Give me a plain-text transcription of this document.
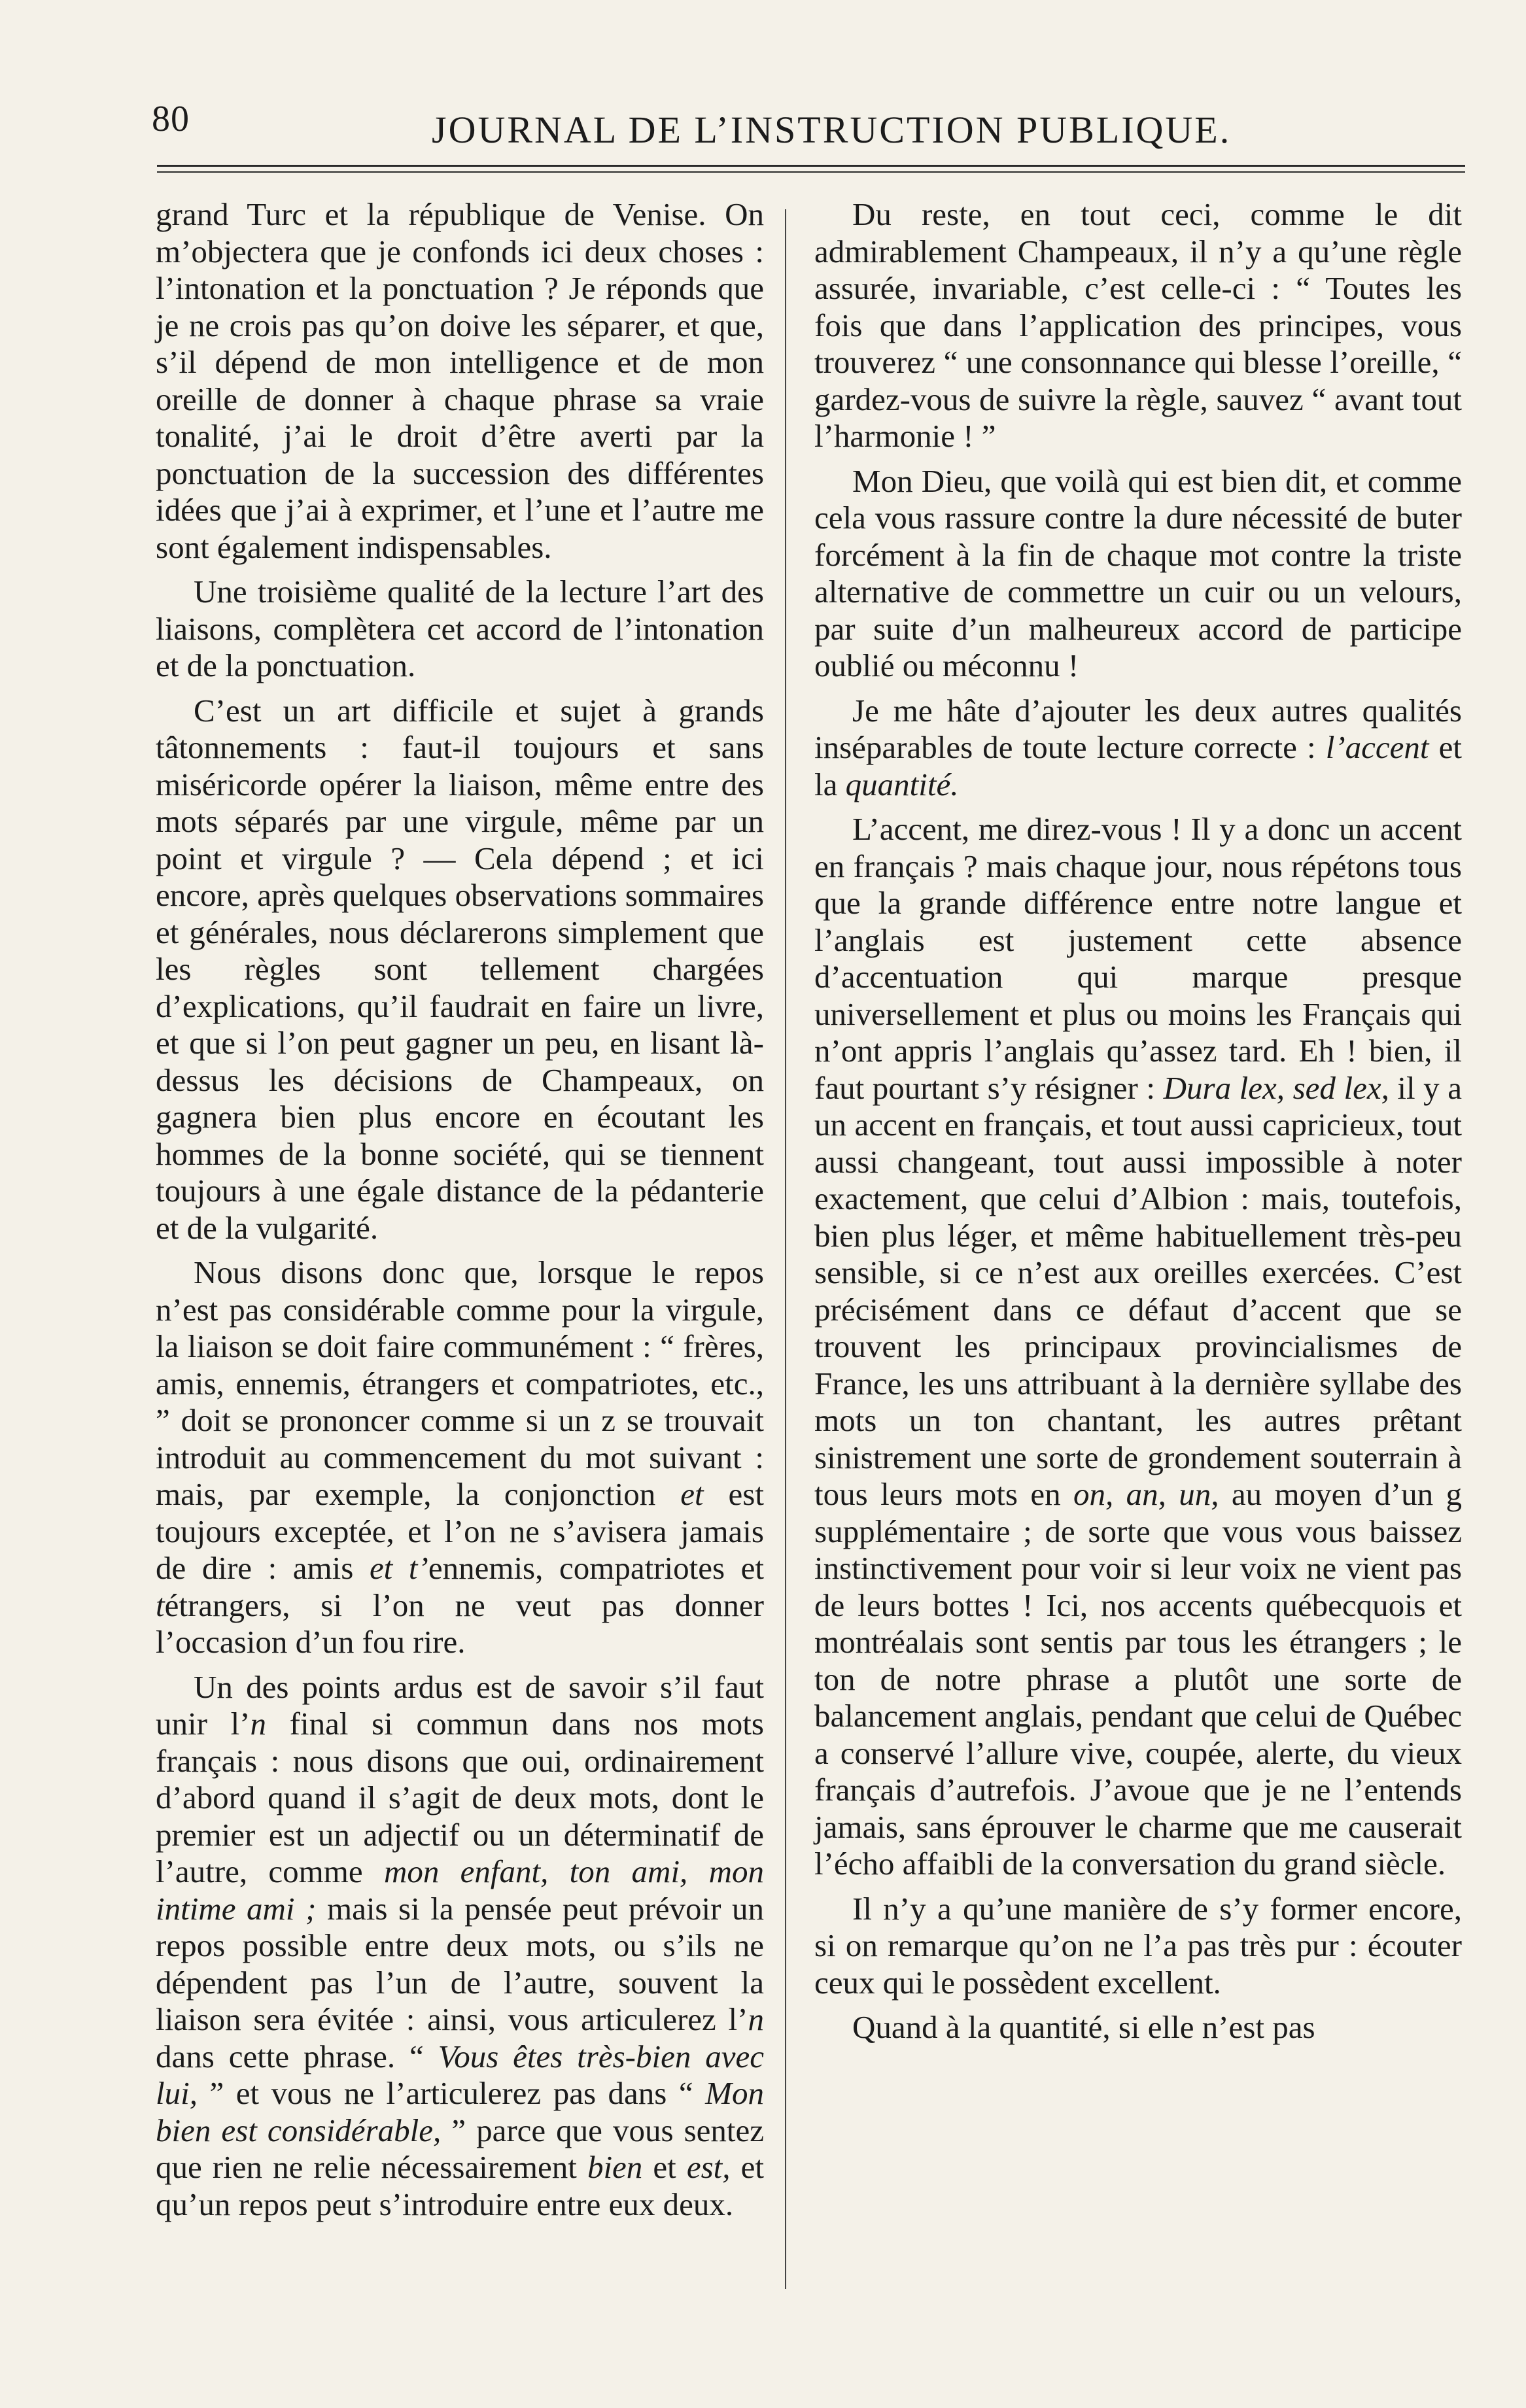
80	JOURNAL DE L’INSTRUCTION PUBLIQUE.

grand Turc et la république de Venise. On m’objectera que je confonds ici deux choses : l’intonation et la ponctuation ? Je réponds que je ne crois pas qu’on doive les séparer, et que, s’il dépend de mon intelligence et de mon oreille de donner à chaque phrase sa vraie tonalité, j’ai le droit d’être averti par la ponctuation de la succession des différentes idées que j’ai à exprimer, et l’une et l’autre me sont également indispensables.

Une troisième qualité de la lecture l’art des liaisons, complètera cet accord de l’intonation et de la ponctuation.

C’est un art difficile et sujet à grands tâtonnements : faut-il toujours et sans miséricorde opérer la liaison, même entre des mots séparés par une virgule, même par un point et virgule ? — Cela dépend ; et ici encore, après quelques observations sommaires et générales, nous déclarerons simplement que les règles sont tellement chargées d’explications, qu’il faudrait en faire un livre, et que si l’on peut gagner un peu, en lisant là-dessus les décisions de Champeaux, on gagnera bien plus encore en écoutant les hommes de la bonne société, qui se tiennent toujours à une égale distance de la pédanterie et de la vulgarité.

Nous disons donc que, lorsque le repos n’est pas considérable comme pour la virgule, la liaison se doit faire communément : “ frères, amis, ennemis, étrangers et compatriotes, etc., ” doit se prononcer comme si un z se trouvait introduit au commencement du mot suivant : mais, par exemple, la conjonction et est toujours exceptée, et l’on ne s’avisera jamais de dire : amis et t’ennemis, compatriotes et tétrangers, si l’on ne veut pas donner l’occasion d’un fou rire.

Un des points ardus est de savoir s’il faut unir l’n final si commun dans nos mots français : nous disons que oui, ordinairement d’abord quand il s’agit de deux mots, dont le premier est un adjectif ou un déterminatif de l’autre, comme mon enfant, ton ami, mon intime ami ; mais si la pensée peut prévoir un repos possible entre deux mots, ou s’ils ne dépendent pas l’un de l’autre, souvent la liaison sera évitée : ainsi, vous articulerez l’n dans cette phrase. “ Vous êtes très-bien avec lui, ” et vous ne l’articulerez pas dans “ Mon bien est considérable, ” parce que vous sentez que rien ne relie nécessairement bien et est, et qu’un repos peut s’introduire entre eux deux.

Du reste, en tout ceci, comme le dit admirablement Champeaux, il n’y a qu’une règle assurée, invariable, c’est celle-ci : “ Toutes les fois que dans l’application des principes, vous trouverez “ une consonnance qui blesse l’oreille, “ gardez-vous de suivre la règle, sauvez “ avant tout l’harmonie ! ”

Mon Dieu, que voilà qui est bien dit, et comme cela vous rassure contre la dure nécessité de buter forcément à la fin de chaque mot contre la triste alternative de commettre un cuir ou un velours, par suite d’un malheureux accord de participe oublié ou méconnu !

Je me hâte d’ajouter les deux autres qualités inséparables de toute lecture correcte : l’accent et la quantité.

L’accent, me direz-vous ! Il y a donc un accent en français ? mais chaque jour, nous répétons tous que la grande différence entre notre langue et l’anglais est justement cette absence d’accentuation qui marque presque universellement et plus ou moins les Français qui n’ont appris l’anglais qu’assez tard. Eh ! bien, il faut pourtant s’y résigner : Dura lex, sed lex, il y a un accent en français, et tout aussi capricieux, tout aussi changeant, tout aussi impossible à noter exactement, que celui d’Albion : mais, toutefois, bien plus léger, et même habituellement très-peu sensible, si ce n’est aux oreilles exercées. C’est précisément dans ce défaut d’accent que se trouvent les principaux provincialismes de France, les uns attribuant à la dernière syllabe des mots un ton chantant, les autres prêtant sinistrement une sorte de grondement souterrain à tous leurs mots en on, an, un, au moyen d’un g supplémentaire ; de sorte que vous vous baissez instinctivement pour voir si leur voix ne vient pas de leurs bottes ! Ici, nos accents québecquois et montréalais sont sentis par tous les étrangers ; le ton de notre phrase a plutôt une sorte de balancement anglais, pendant que celui de Québec a conservé l’allure vive, coupée, alerte, du vieux français d’autrefois. J’avoue que je ne l’entends jamais, sans éprouver le charme que me causerait l’écho affaibli de la conversation du grand siècle.

Il n’y a qu’une manière de s’y former encore, si on remarque qu’on ne l’a pas très pur : écouter ceux qui le possèdent excellent.

Quand à la quantité, si elle n’est pas
